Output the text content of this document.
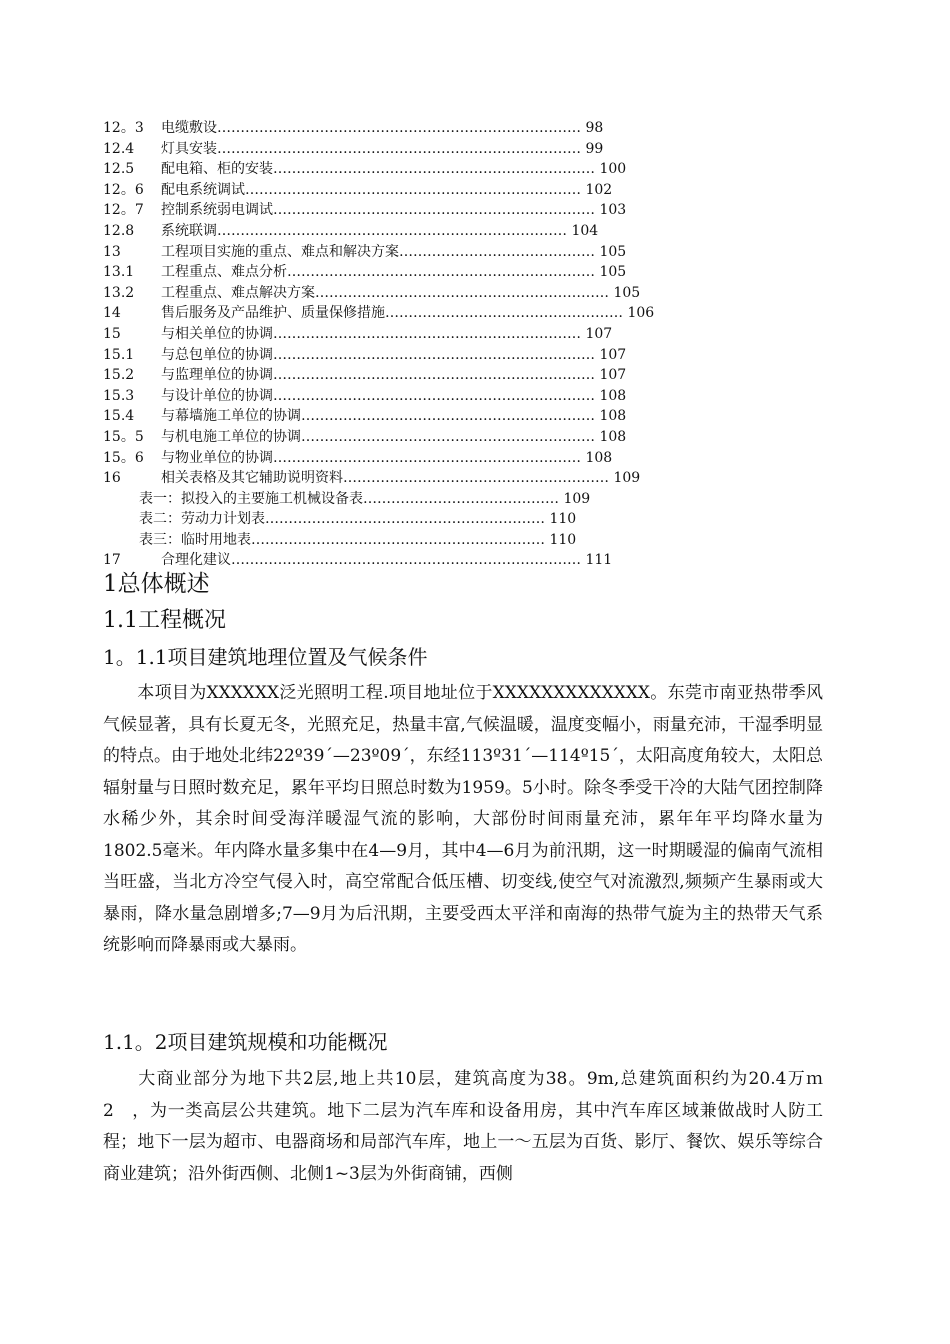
12。3 电缆敷设…………………………………………………………………… 98
12.4 灯具安装…………………………………………………………………… 99
12.5 配电箱、柜的安装…………………………………………………………… 100
12。6 配电系统调试……………………………………………………………… 102
12。7 控制系统弱电调试…………………………………………………………… 103
12.8 系统联调………………………………………………………………… 104
13	工程项目实施的重点、难点和解决方案…………………………………… 105
13.1 工程重点、难点分析………………………………………………………… 105
13.2 工程重点、难点解决方案……………………………………………………… 105
14	售后服务及产品维护、质量保修措施…………………………………………… 106
15	与相关单位的协调………………………………………………………… 107
15.1 与总包单位的协调…………………………………………………………… 107
15.2 与监理单位的协调…………………………………………………………… 107
15.3 与设计单位的协调…………………………………………………………… 108
15.4 与幕墙施工单位的协调……………………………………………………… 108
15。5 与机电施工单位的协调……………………………………………………… 108
15。6 与物业单位的协调………………………………………………………… 108
16	相关表格及其它辅助说明资料………………………………………………… 109
表一：拟投入的主要施工机械设备表…………………………………… 109
表二：劳动力计划表…………………………………………………… 110
表三：临时用地表……………………………………………………… 110
17	合理化建议………………………………………………………………… 111
1总体概述
1.1工程概况
1。1.1项目建筑地理位置及气候条件

本项目为XXXXXX泛光照明工程.项目地址位于XXXXXXXXXXXXX。东莞市南亚热带季风气候显著，具有长夏无冬，光照充足，热量丰富,气候温暖，温度变幅小，雨量充沛，干湿季明显的特点。由于地处北纬22º39´—23º09´，东经113º31´—114º15´，太阳高度角较大，太阳总辐射量与日照时数充足，累年平均日照总时数为1959。5小时。除冬季受干冷的大陆气团控制降水稀少外，其余时间受海洋暖湿气流的影响，大部份时间雨量充沛，累年年平均降水量为1802.5毫米。年内降水量多集中在4—9月，其中4—6月为前汛期，这一时期暖湿的偏南气流相当旺盛，当北方冷空气侵入时，高空常配合低压槽、切变线,使空气对流激烈,频频产生暴雨或大暴雨，降水量急剧增多;7—9月为后汛期，主要受西太平洋和南海的热带气旋为主的热带天气系统影响而降暴雨或大暴雨。

1.1。2项目建筑规模和功能概况

大商业部分为地下共2层,地上共10层，建筑高度为38。9m,总建筑面积约为20.4万ｍ　2　，为一类高层公共建筑。地下二层为汽车库和设备用房，其中汽车库区域兼做战时人防工程；地下一层为超市、电器商场和局部汽车库，地上一～五层为百货、影厅、餐饮、娱乐等综合商业建筑；沿外街西侧、北侧1~3层为外街商铺，西侧
